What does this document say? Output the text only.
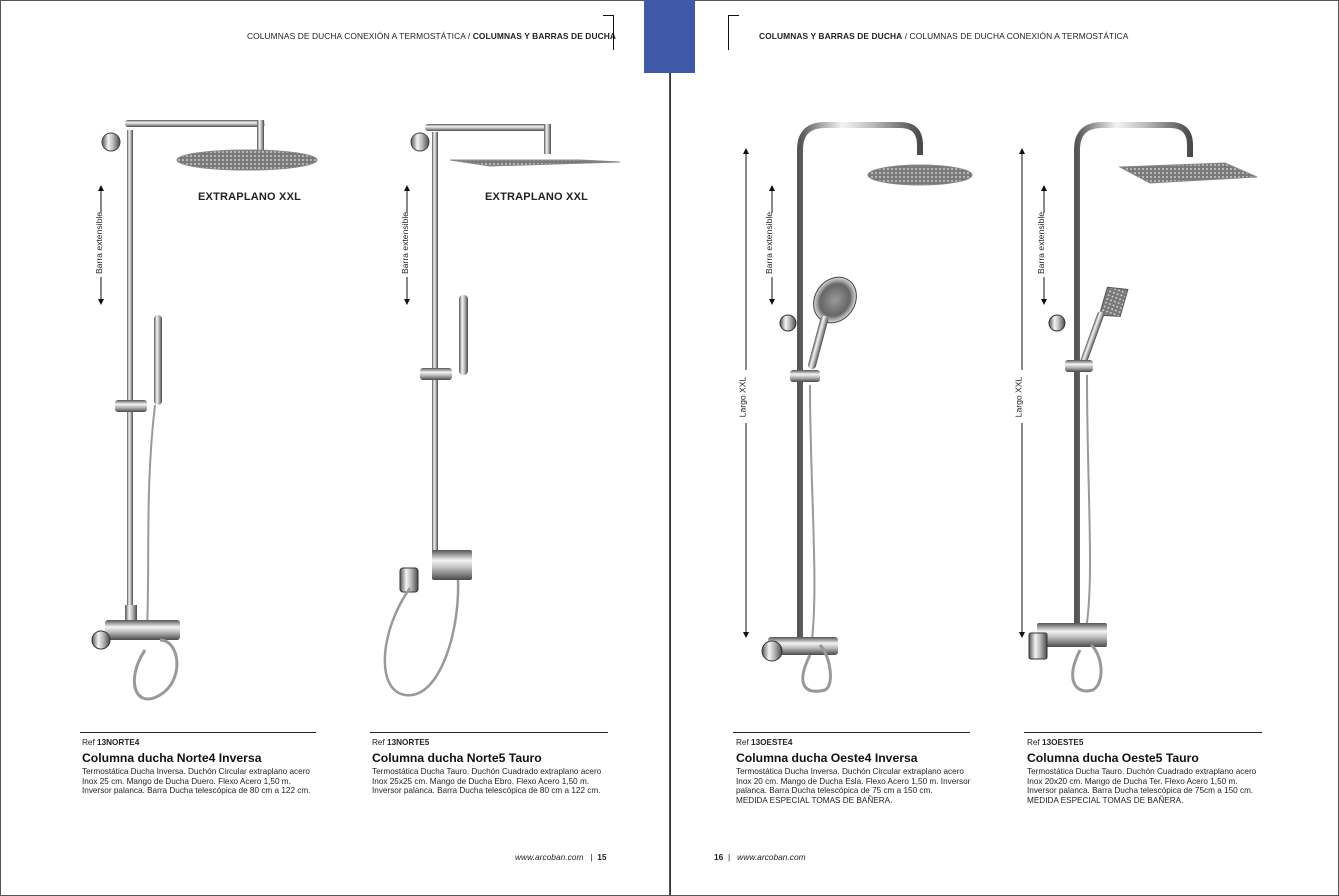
COLUMNAS DE DUCHA CONEXIÓN A TERMOSTÁTICA / COLUMNAS Y BARRAS DE DUCHA	COLUMNAS Y BARRAS DE DUCHA / COLUMNAS DE DUCHA CONEXIÓN A TERMOSTÁTICA
EXTRAPLANO XXL
Barra extensible
EXTRAPLANO XXL
Barra extensible	Barra extensible
Largo XXL
Barra extensible
Largo XXL
Ref 13NORTE4
Columna ducha Norte4 Inversa
Termostática Ducha Inversa. Duchón Circular extraplano acero
Inox 25 cm. Mango de Ducha Duero. Flexo Acero 1,50 m.
Inversor palanca. Barra Ducha telescópica de 80 cm a 122 cm.
Ref 13NORTE5
Columna ducha Norte5 Tauro
Termostática Ducha Tauro. Duchón Cuadrado extraplano acero
Inox 25x25 cm. Mango de Ducha Ebro. Flexo Acero 1,50 m.
Inversor palanca. Barra Ducha telescópica de 80 cm a 122 cm.
Ref 13OESTE4
Columna ducha Oeste4 Inversa
Termostática Ducha Inversa. Duchón Circular extraplano acero
Inox 20 cm. Mango de Ducha Esla. Flexo Acero 1,50 m. Inversor
palanca. Barra Ducha telescópica de 75 cm a 150 cm.
MEDIDA ESPECIAL TOMAS DE BAÑERA.
Ref 13OESTE5
Columna ducha Oeste5 Tauro
Termostática Ducha Tauro. Duchón Cuadrado extraplano acero
Inox 20x20 cm. Mango de Ducha Ter. Flexo Acero 1,50 m.
Inversor palanca. Barra Ducha telescópica de 75cm a 150 cm.
MEDIDA ESPECIAL TOMAS DE BAÑERA.
www.arcoban.com | 15	16 | www.arcoban.com
